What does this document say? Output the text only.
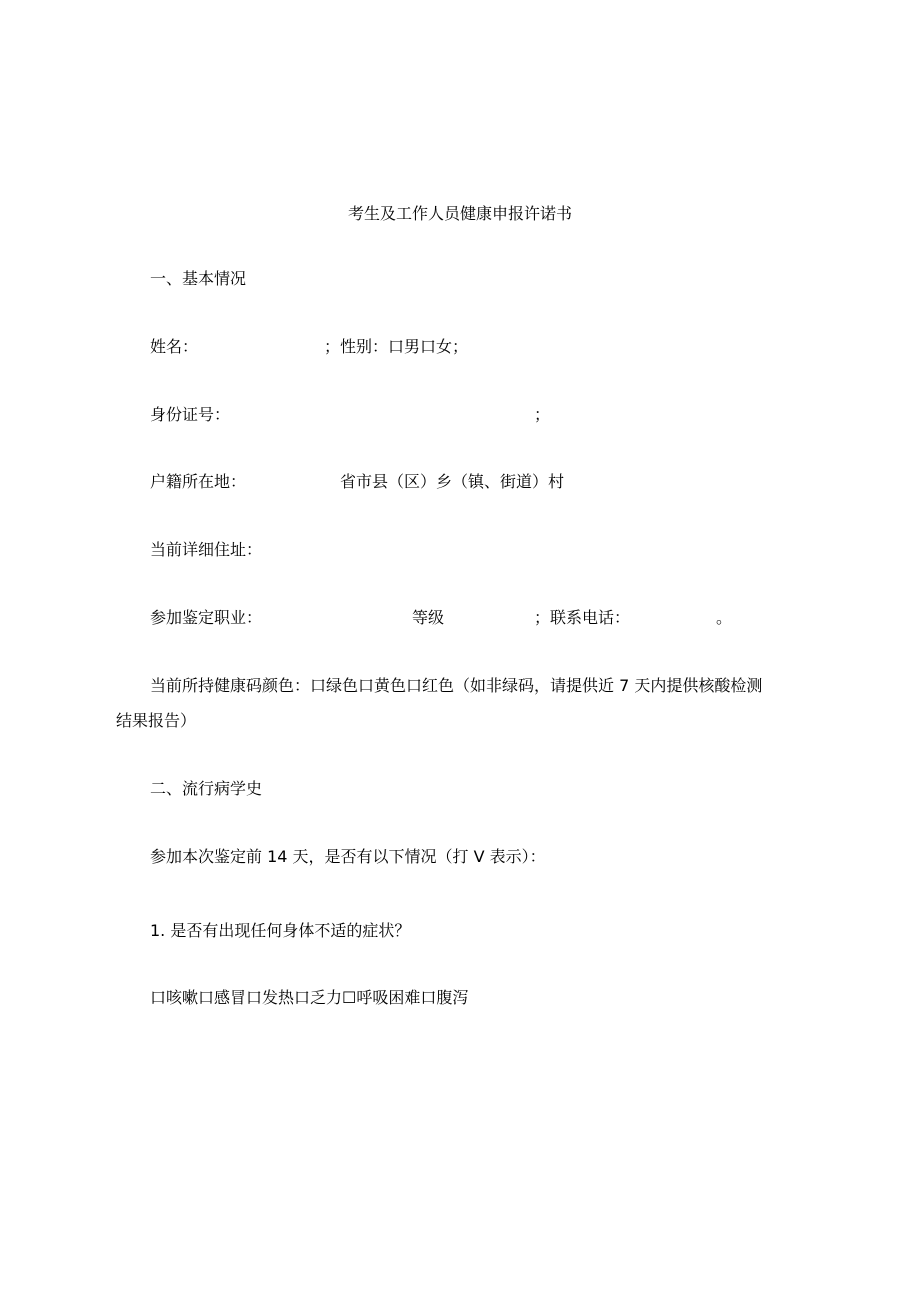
考生及工作人员健康申报许诺书
一、基本情况
姓名：	；性别：口男口女；
身份证号：	；
户籍所在地：	省市县（区）乡（镇、街道）村
当前详细住址：
参加鉴定职业：	等级	；联系电话：	。
当前所持健康码颜色：口绿色口黄色口红色（如非绿码，请提供近 7 天内提供核酸检测
结果报告）
二、流行病学史
参加本次鉴定前 14 天，是否有以下情况（打 V 表示）：
1. 是否有出现任何身体不适的症状？
口咳嗽口感冒口发热口乏力☐呼吸困难口腹泻
